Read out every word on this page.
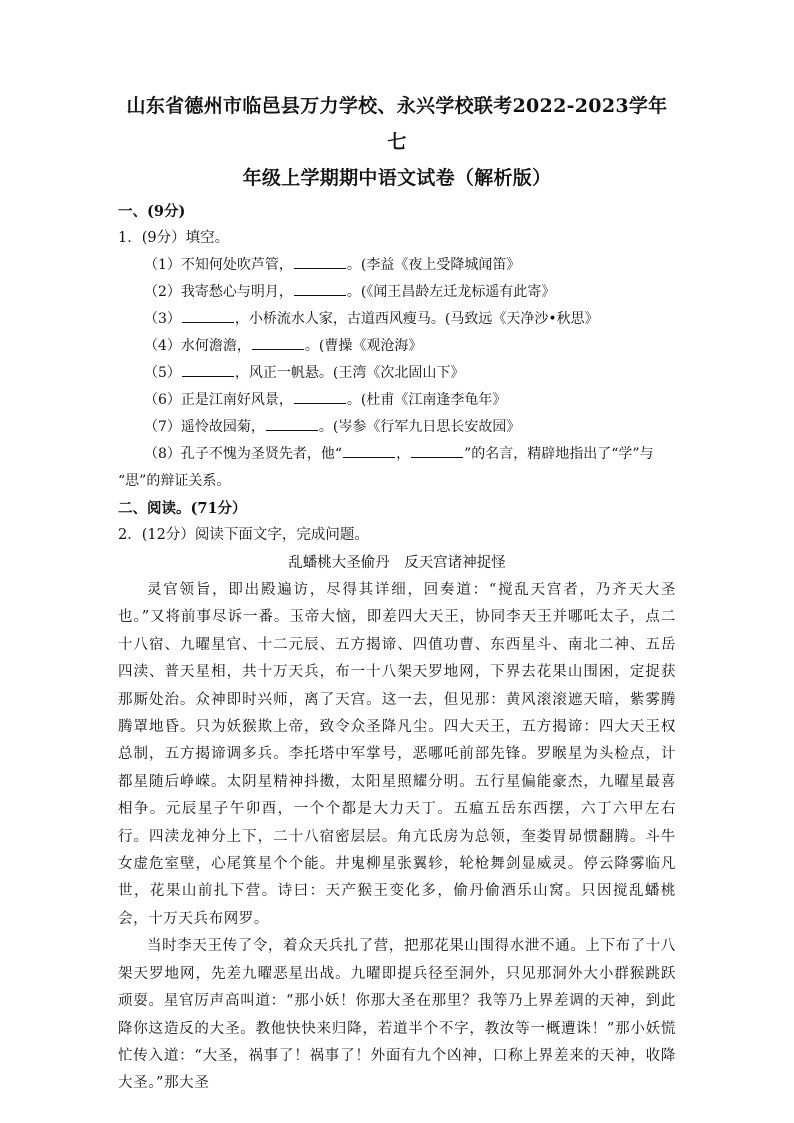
山东省德州市临邑县万力学校、永兴学校联考2022-2023学年七
年级上学期期中语文试卷（解析版）

一、(9分)

1．(9分）填空。

（1）不知何处吹芦管，	。(李益《夜上受降城闻笛》

（2）我寄愁心与明月，	。(《闻王昌龄左迁龙标遥有此寄》

（3）	，小桥流水人家，古道西风瘦马。(马致远《天净沙•秋思》

（4）水何澹澹，	。(曹操《观沧海》

（5）	，风正一帆悬。(王湾《次北固山下》

（6）正是江南好风景，	。(杜甫《江南逢李龟年》

（7）遥怜故园菊，	。(岑参《行军九日思长安故园》

（8）孔子不愧为圣贤先者，他“	，	”的名言，精辟地指出了“学”与

“思”的辩证关系。

二、阅读。(71分）

2．(12分）阅读下面文字，完成问题。

乱蟠桃大圣偷丹　反天宫诸神捉怪

灵官领旨，即出殿遍访，尽得其详细，回奏道：“搅乱天宫者，乃齐天大圣也。”又将前事尽诉一番。玉帝大恼，即差四大天王，协同李天王并哪吒太子，点二十八宿、九曜星官、十二元辰、五方揭谛、四值功曹、东西星斗、南北二神、五岳四渎、普天星相，共十万天兵，布一十八架天罗地网，下界去花果山围困，定捉获那厮处治。众神即时兴师，离了天宫。这一去，但见那：黄风滚滚遮天暗，紫雾腾腾罩地昏。只为妖猴欺上帝，致令众圣降凡尘。四大天王，五方揭谛：四大天王权总制，五方揭谛调多兵。李托塔中军掌号，恶哪吒前部先锋。罗睺星为头检点，计都星随后峥嵘。太阴星精神抖擞，太阳星照耀分明。五行星偏能豪杰，九曜星最喜相争。元辰星子午卯酉，一个个都是大力天丁。五瘟五岳东西摆，六丁六甲左右行。四渎龙神分上下，二十八宿密层层。角亢氐房为总领，奎娄胃昴惯翻腾。斗牛女虚危室壁，心尾箕星个个能。井鬼柳星张翼轸，轮枪舞剑显威灵。停云降雾临凡世，花果山前扎下营。诗曰：天产猴王变化多，偷丹偷酒乐山窝。只因搅乱蟠桃会，十万天兵布网罗。

当时李天王传了令，着众天兵扎了营，把那花果山围得水泄不通。上下布了十八架天罗地网，先差九曜恶星出战。九曜即提兵径至洞外，只见那洞外大小群猴跳跃顽耍。星官厉声高叫道：“那小妖！你那大圣在那里？我等乃上界差调的天神，到此降你这造反的大圣。教他快快来归降，若道半个不字，教汝等一概遭诛！”那小妖慌忙传入道：“大圣，祸事了！祸事了！外面有九个凶神，口称上界差来的天神，收降大圣。”那大圣
